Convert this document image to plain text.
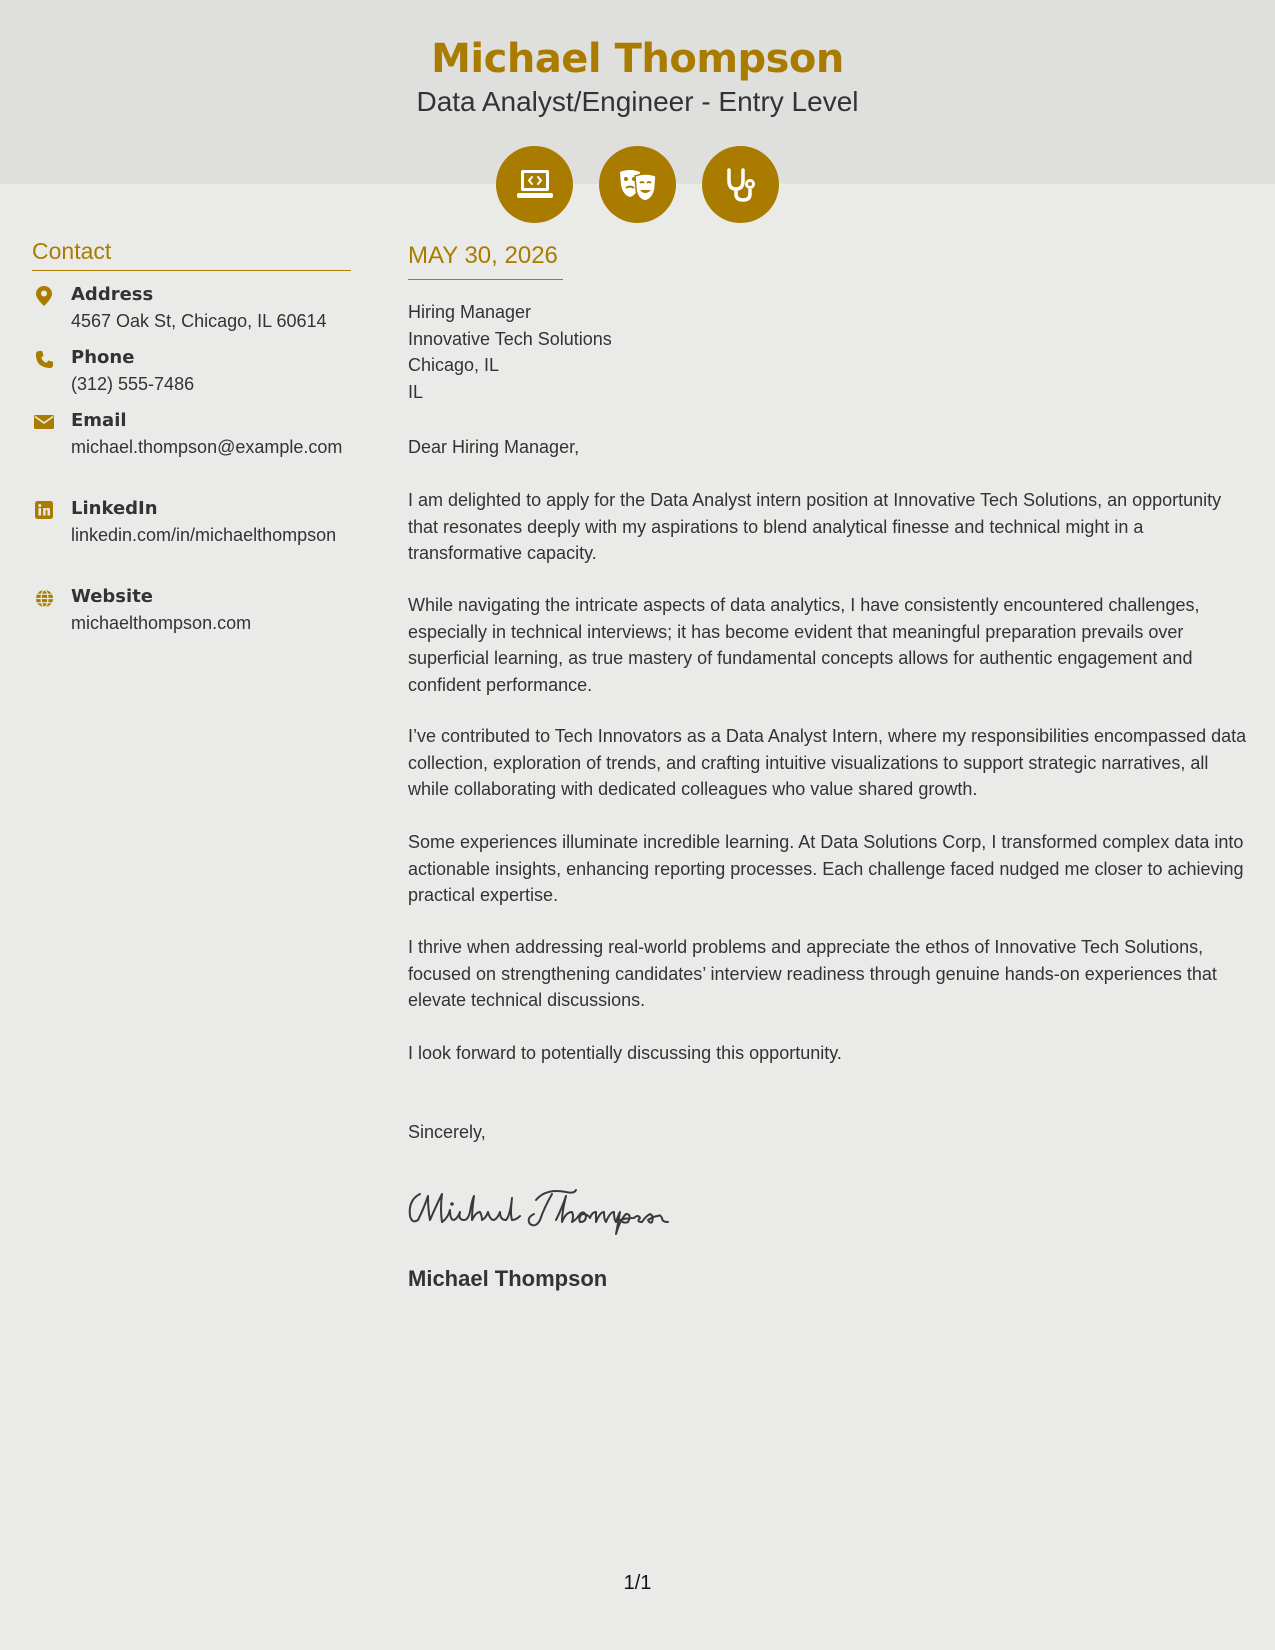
Michael Thompson
Data Analyst/Engineer - Entry Level
Contact
Address
4567 Oak St, Chicago, IL 60614
Phone
(312) 555-7486
Email
michael.thompson@example.com
LinkedIn
linkedin.com/in/michaelthompson
Website
michaelthompson.com
MAY 30, 2026
Hiring Manager
Innovative Tech Solutions
Chicago, IL
IL
Dear Hiring Manager,
I am delighted to apply for the Data Analyst intern position at Innovative Tech Solutions, an opportunity that resonates deeply with my aspirations to blend analytical finesse and technical might in a transformative capacity.
While navigating the intricate aspects of data analytics, I have consistently encountered challenges, especially in technical interviews; it has become evident that meaningful preparation prevails over superficial learning, as true mastery of fundamental concepts allows for authentic engagement and confident performance.
I’ve contributed to Tech Innovators as a Data Analyst Intern, where my responsibilities encompassed data collection, exploration of trends, and crafting intuitive visualizations to support strategic narratives, all while collaborating with dedicated colleagues who value shared growth.
Some experiences illuminate incredible learning. At Data Solutions Corp, I transformed complex data into actionable insights, enhancing reporting processes. Each challenge faced nudged me closer to achieving practical expertise.
I thrive when addressing real-world problems and appreciate the ethos of Innovative Tech Solutions, focused on strengthening candidates’ interview readiness through genuine hands-on experiences that elevate technical discussions.
I look forward to potentially discussing this opportunity.
Sincerely,
Michael Thompson
1/1
